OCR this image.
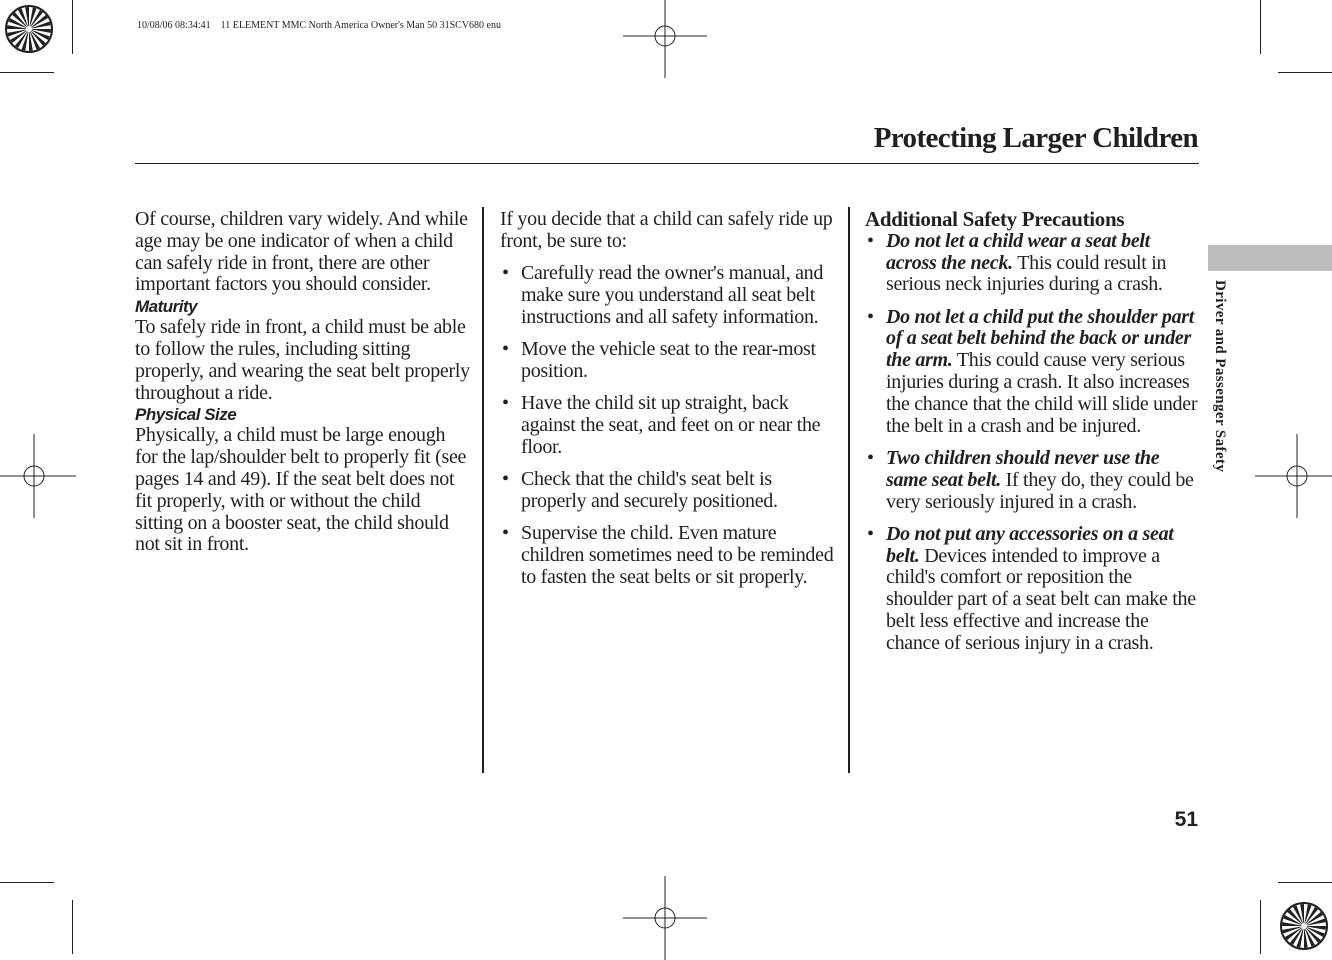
10/08/06 08:34:41    11 ELEMENT MMC North America Owner's Man 50 31SCV680 enu
Protecting Larger Children
Driver and Passenger Safety

Of course, children vary widely. And while age may be one indicator of when a child can safely ride in front, there are other important factors you should consider.

Maturity

To safely ride in front, a child must be able to follow the rules, including sitting properly, and wearing the seat belt properly throughout a ride.

Physical Size

Physically, a child must be large enough for the lap/shoulder belt to properly fit (see pages 14 and 49). If the seat belt does not fit properly, with or without the child sitting on a booster seat, the child should not sit in front.

If you decide that a child can safely ride up front, be sure to:

• Carefully read the owner's manual, and make sure you understand all seat belt instructions and all safety information.
• Move the vehicle seat to the rear-most position.
• Have the child sit up straight, back against the seat, and feet on or near the floor.
• Check that the child's seat belt is properly and securely positioned.
• Supervise the child. Even mature children sometimes need to be reminded to fasten the seat belts or sit properly.

Additional Safety Precautions

• Do not let a child wear a seat belt across the neck. This could result in serious neck injuries during a crash.
• Do not let a child put the shoulder part of a seat belt behind the back or under the arm. This could cause very serious injuries during a crash. It also increases the chance that the child will slide under the belt in a crash and be injured.
• Two children should never use the same seat belt. If they do, they could be very seriously injured in a crash.
• Do not put any accessories on a seat belt. Devices intended to improve a child's comfort or reposition the shoulder part of a seat belt can make the belt less effective and increase the chance of serious injury in a crash.
51
